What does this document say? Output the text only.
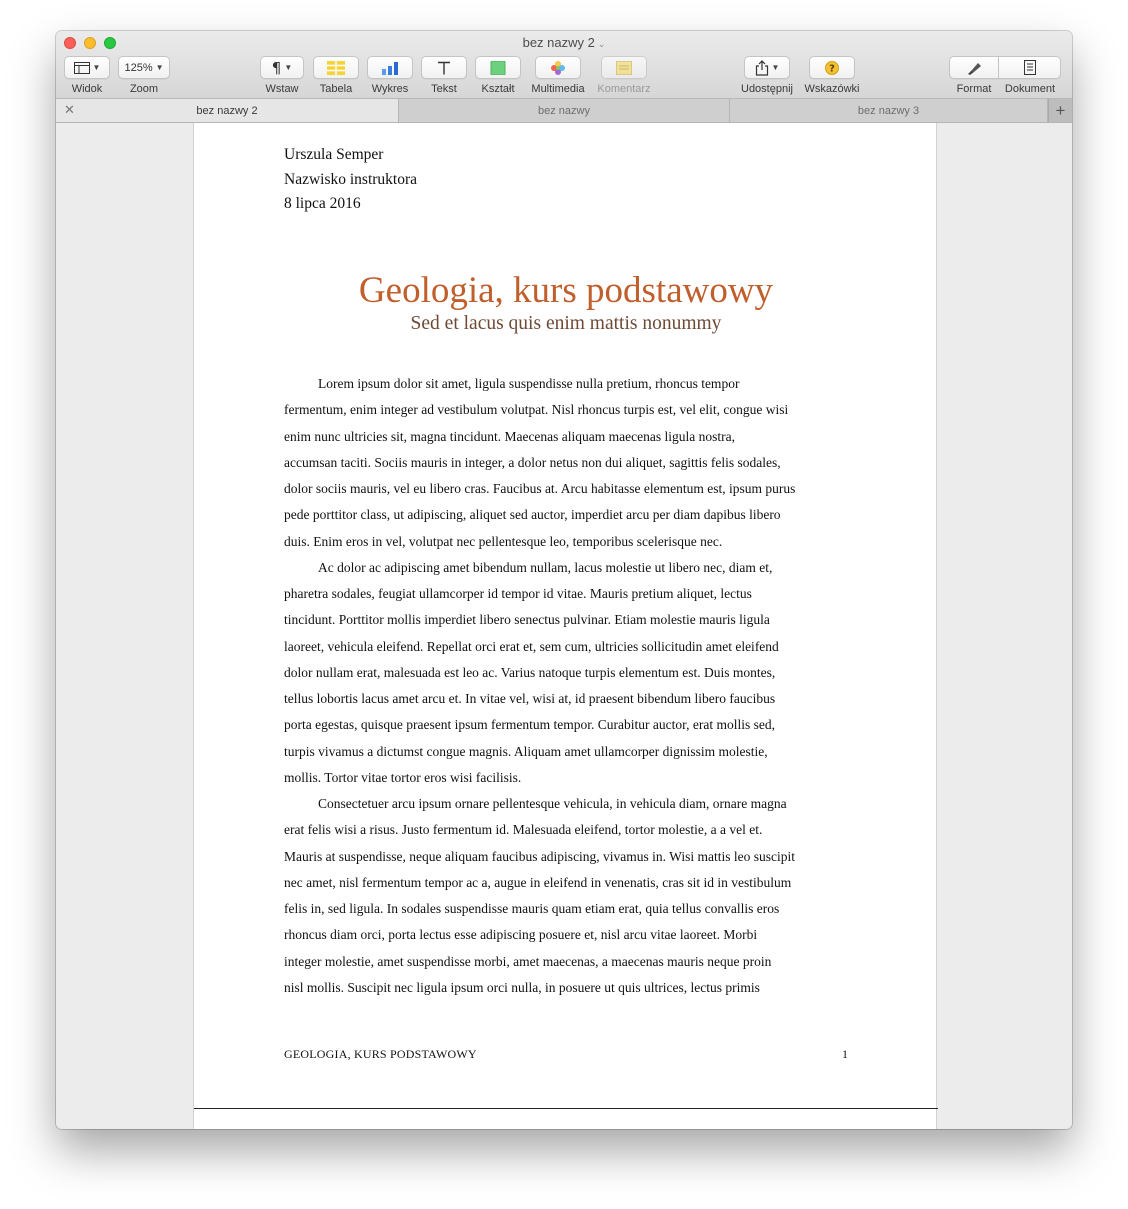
bez nazwy 2 ⌄
▼
Widok
125% ▼
Zoom
¶ ▼
Wstaw	Tabela	Wykres	Tekst	Kształt	Multimedia	Komentarz
▼
Udostępnij
?
Wskazówki	Format	Dokument
✕	bez nazwy 2	bez nazwy	bez nazwy 3	+
Urszula Semper
Nazwisko instruktora
8 lipca 2016
Geologia, kurs podstawowy
Sed et lacus quis enim mattis nonummy
Lorem ipsum dolor sit amet, ligula suspendisse nulla pretium, rhoncus tempor
fermentum, enim integer ad vestibulum volutpat. Nisl rhoncus turpis est, vel elit, congue wisi
enim nunc ultricies sit, magna tincidunt. Maecenas aliquam maecenas ligula nostra,
accumsan taciti. Sociis mauris in integer, a dolor netus non dui aliquet, sagittis felis sodales,
dolor sociis mauris, vel eu libero cras. Faucibus at. Arcu habitasse elementum est, ipsum purus
pede porttitor class, ut adipiscing, aliquet sed auctor, imperdiet arcu per diam dapibus libero
duis. Enim eros in vel, volutpat nec pellentesque leo, temporibus scelerisque nec.
Ac dolor ac adipiscing amet bibendum nullam, lacus molestie ut libero nec, diam et,
pharetra sodales, feugiat ullamcorper id tempor id vitae. Mauris pretium aliquet, lectus
tincidunt. Porttitor mollis imperdiet libero senectus pulvinar. Etiam molestie mauris ligula
laoreet, vehicula eleifend. Repellat orci erat et, sem cum, ultricies sollicitudin amet eleifend
dolor nullam erat, malesuada est leo ac. Varius natoque turpis elementum est. Duis montes,
tellus lobortis lacus amet arcu et. In vitae vel, wisi at, id praesent bibendum libero faucibus
porta egestas, quisque praesent ipsum fermentum tempor. Curabitur auctor, erat mollis sed,
turpis vivamus a dictumst congue magnis. Aliquam amet ullamcorper dignissim molestie,
mollis. Tortor vitae tortor eros wisi facilisis.
Consectetuer arcu ipsum ornare pellentesque vehicula, in vehicula diam, ornare magna
erat felis wisi a risus. Justo fermentum id. Malesuada eleifend, tortor molestie, a a vel et.
Mauris at suspendisse, neque aliquam faucibus adipiscing, vivamus in. Wisi mattis leo suscipit
nec amet, nisl fermentum tempor ac a, augue in eleifend in venenatis, cras sit id in vestibulum
felis in, sed ligula. In sodales suspendisse mauris quam etiam erat, quia tellus convallis eros
rhoncus diam orci, porta lectus esse adipiscing posuere et, nisl arcu vitae laoreet. Morbi
integer molestie, amet suspendisse morbi, amet maecenas, a maecenas mauris neque proin
nisl mollis. Suscipit nec ligula ipsum orci nulla, in posuere ut quis ultrices, lectus primis
GEOLOGIA, KURS PODSTAWOWY	1
